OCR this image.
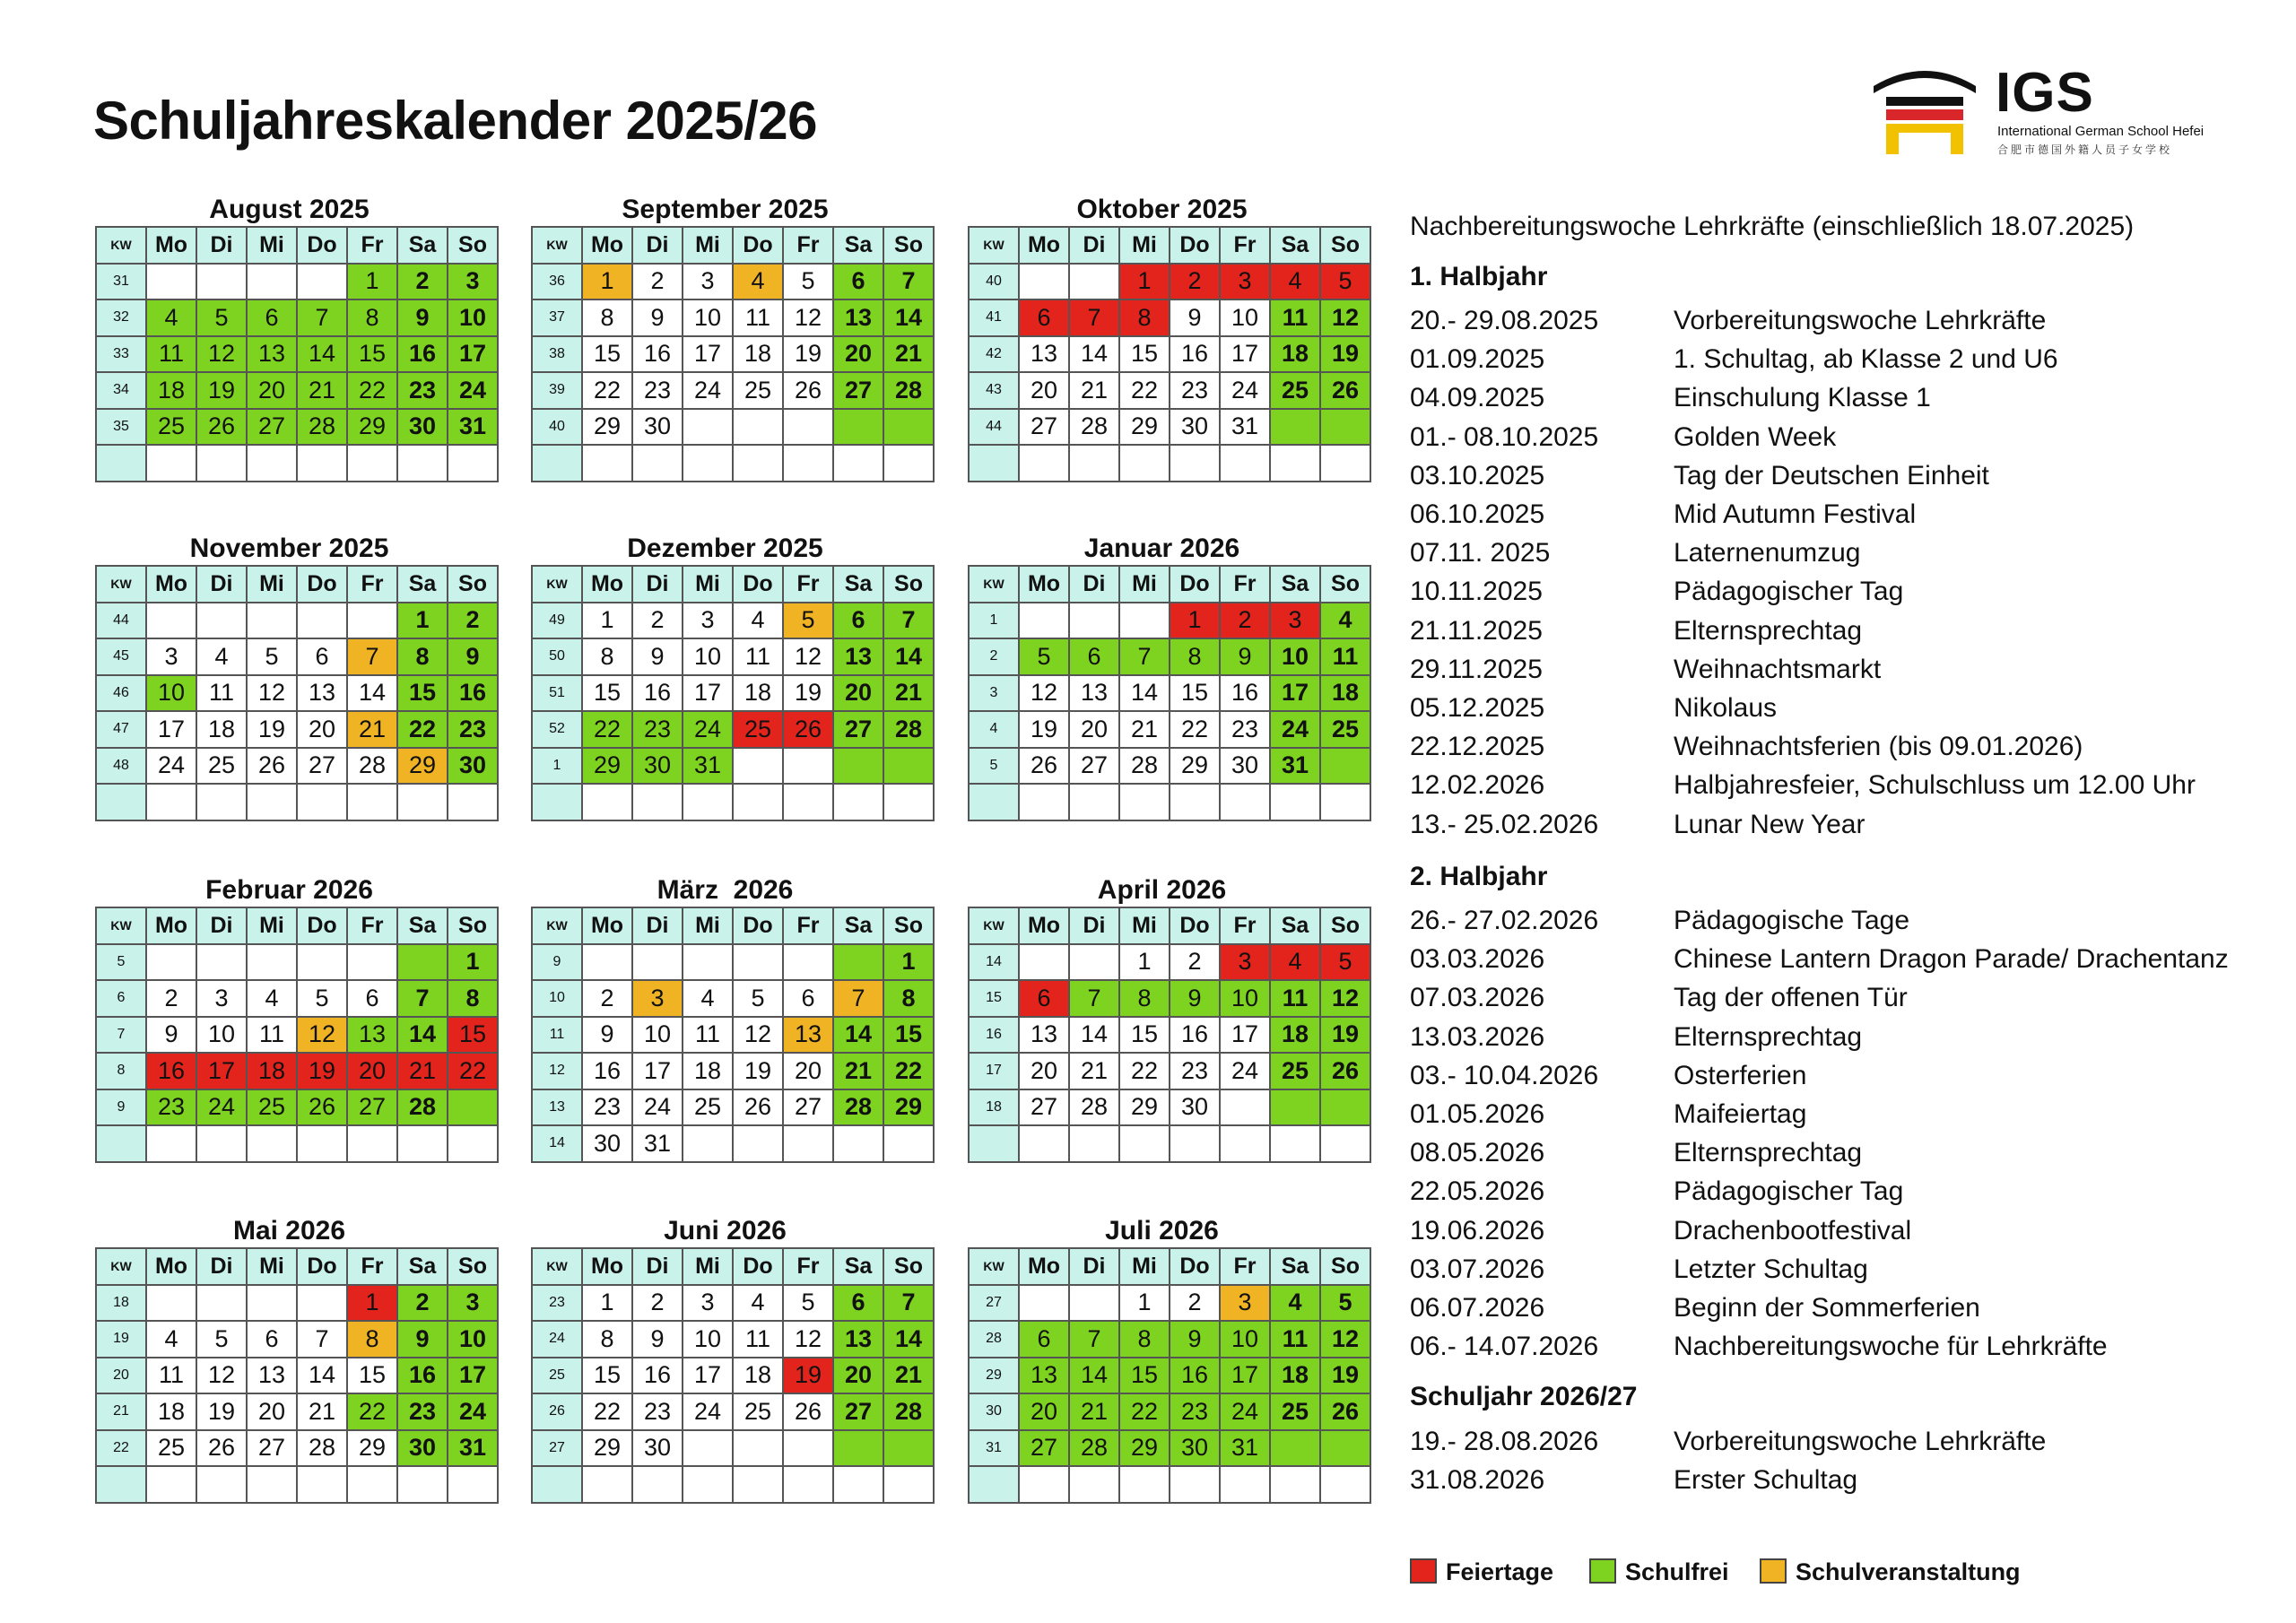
Schuljahreskalender 2025/26	IGS
International German School Hefei
合肥市德国外籍人员子女学校
August 2025
KW	Mo	Di	Mi	Do	Fr	Sa	So
31					1	2	3
32	4	5	6	7	8	9	10
33	11	12	13	14	15	16	17
34	18	19	20	21	22	23	24
35	25	26	27	28	29	30	31

September 2025
KW	Mo	Di	Mi	Do	Fr	Sa	So
36	1	2	3	4	5	6	7
37	8	9	10	11	12	13	14
38	15	16	17	18	19	20	21
39	22	23	24	25	26	27	28
40	29	30					

Oktober 2025
KW	Mo	Di	Mi	Do	Fr	Sa	So
40			1	2	3	4	5
41	6	7	8	9	10	11	12
42	13	14	15	16	17	18	19
43	20	21	22	23	24	25	26
44	27	28	29	30	31		

November 2025
KW	Mo	Di	Mi	Do	Fr	Sa	So
44						1	2
45	3	4	5	6	7	8	9
46	10	11	12	13	14	15	16
47	17	18	19	20	21	22	23
48	24	25	26	27	28	29	30

Dezember 2025
KW	Mo	Di	Mi	Do	Fr	Sa	So
49	1	2	3	4	5	6	7
50	8	9	10	11	12	13	14
51	15	16	17	18	19	20	21
52	22	23	24	25	26	27	28
1	29	30	31				

Januar 2026
KW	Mo	Di	Mi	Do	Fr	Sa	So
1				1	2	3	4
2	5	6	7	8	9	10	11
3	12	13	14	15	16	17	18
4	19	20	21	22	23	24	25
5	26	27	28	29	30	31	

Februar 2026
KW	Mo	Di	Mi	Do	Fr	Sa	So
5							1
6	2	3	4	5	6	7	8
7	9	10	11	12	13	14	15
8	16	17	18	19	20	21	22
9	23	24	25	26	27	28	

März  2026
KW	Mo	Di	Mi	Do	Fr	Sa	So
9							1
10	2	3	4	5	6	7	8
11	9	10	11	12	13	14	15
12	16	17	18	19	20	21	22
13	23	24	25	26	27	28	29
14	30	31					
April 2026
KW	Mo	Di	Mi	Do	Fr	Sa	So
14			1	2	3	4	5
15	6	7	8	9	10	11	12
16	13	14	15	16	17	18	19
17	20	21	22	23	24	25	26
18	27	28	29	30			

Mai 2026
KW	Mo	Di	Mi	Do	Fr	Sa	So
18					1	2	3
19	4	5	6	7	8	9	10
20	11	12	13	14	15	16	17
21	18	19	20	21	22	23	24
22	25	26	27	28	29	30	31

Juni 2026
KW	Mo	Di	Mi	Do	Fr	Sa	So
23	1	2	3	4	5	6	7
24	8	9	10	11	12	13	14
25	15	16	17	18	19	20	21
26	22	23	24	25	26	27	28
27	29	30					

Juli 2026
KW	Mo	Di	Mi	Do	Fr	Sa	So
27			1	2	3	4	5
28	6	7	8	9	10	11	12
29	13	14	15	16	17	18	19
30	20	21	22	23	24	25	26
31	27	28	29	30	31		

Nachbereitungswoche Lehrkräfte (einschließlich 18.07.2025)
1. Halbjahr
20.- 29.08.2025	Vorbereitungswoche Lehrkräfte
01.09.2025	1. Schultag, ab Klasse 2 und U6
04.09.2025	Einschulung Klasse 1
01.- 08.10.2025	Golden Week
03.10.2025	Tag der Deutschen Einheit
06.10.2025	Mid Autumn Festival
07.11. 2025	Laternenumzug
10.11.2025	Pädagogischer Tag
21.11.2025	Elternsprechtag
29.11.2025	Weihnachtsmarkt
05.12.2025	Nikolaus
22.12.2025	Weihnachtsferien (bis 09.01.2026)
12.02.2026	Halbjahresfeier, Schulschluss um 12.00 Uhr
13.- 25.02.2026	Lunar New Year
2. Halbjahr
26.- 27.02.2026	Pädagogische Tage
03.03.2026	Chinese Lantern Dragon Parade/ Drachentanz
07.03.2026	Tag der offenen Tür
13.03.2026	Elternsprechtag
03.- 10.04.2026	Osterferien
01.05.2026	Maifeiertag
08.05.2026	Elternsprechtag
22.05.2026	Pädagogischer Tag
19.06.2026	Drachenbootfestival
03.07.2026	Letzter Schultag
06.07.2026	Beginn der Sommerferien
06.- 14.07.2026	Nachbereitungswoche für Lehrkräfte
Schuljahr 2026/27
19.- 28.08.2026	Vorbereitungswoche Lehrkräfte
31.08.2026	Erster Schultag
Feiertage	Schulfrei	Schulveranstaltung
